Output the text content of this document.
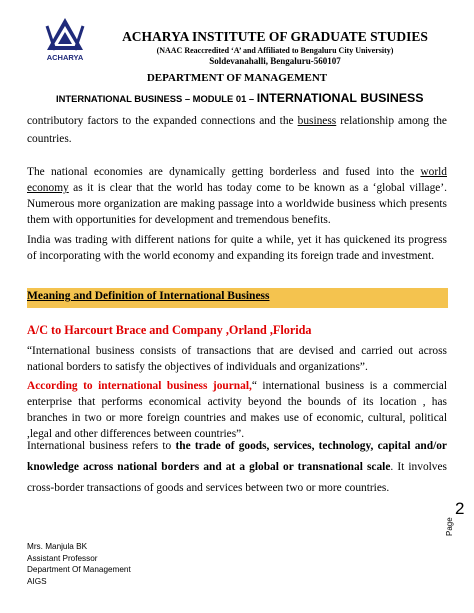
ACHARYA
ACHARYA INSTITUTE OF GRADUATE STUDIES
(NAAC Reaccredited ‘A’ and Affiliated to Bengaluru City University)
Soldevanahalli, Bengaluru-560107
DEPARTMENT OF MANAGEMENT
INTERNATIONAL BUSINESS – MODULE 01 – INTERNATIONAL BUSINESS
contributory factors to the expanded connections and the business relationship among the countries.
The national economies are dynamically getting borderless and fused into the world economy as it is clear that the world has today come to be known as a ‘global village’. Numerous more organization are making passage into a worldwide business which presents them with opportunities for development and tremendous benefits.
India was trading with different nations for quite a while, yet it has quickened its progress of incorporating with the world economy and expanding its foreign trade and investment.
Meaning and Definition of International Business
A/C to Harcourt Brace and Company ,Orland ,Florida
“International business consists of transactions that are devised and carried out across national borders to satisfy the objectives of individuals and organizations”.
According to international business journal,“ international business is a commercial enterprise that performs economical activity beyond the bounds of its location , has branches in two or more foreign countries and makes use of economic, cultural, political ,legal and other differences between countries”.
International business refers to the trade of goods, services, technology, capital and/or knowledge across national borders and at a global or transnational scale. It involves cross-border transactions of goods and services between two or more countries.
Page
2
Mrs. Manjula BK
Assistant Professor
Department Of Management
AIGS
